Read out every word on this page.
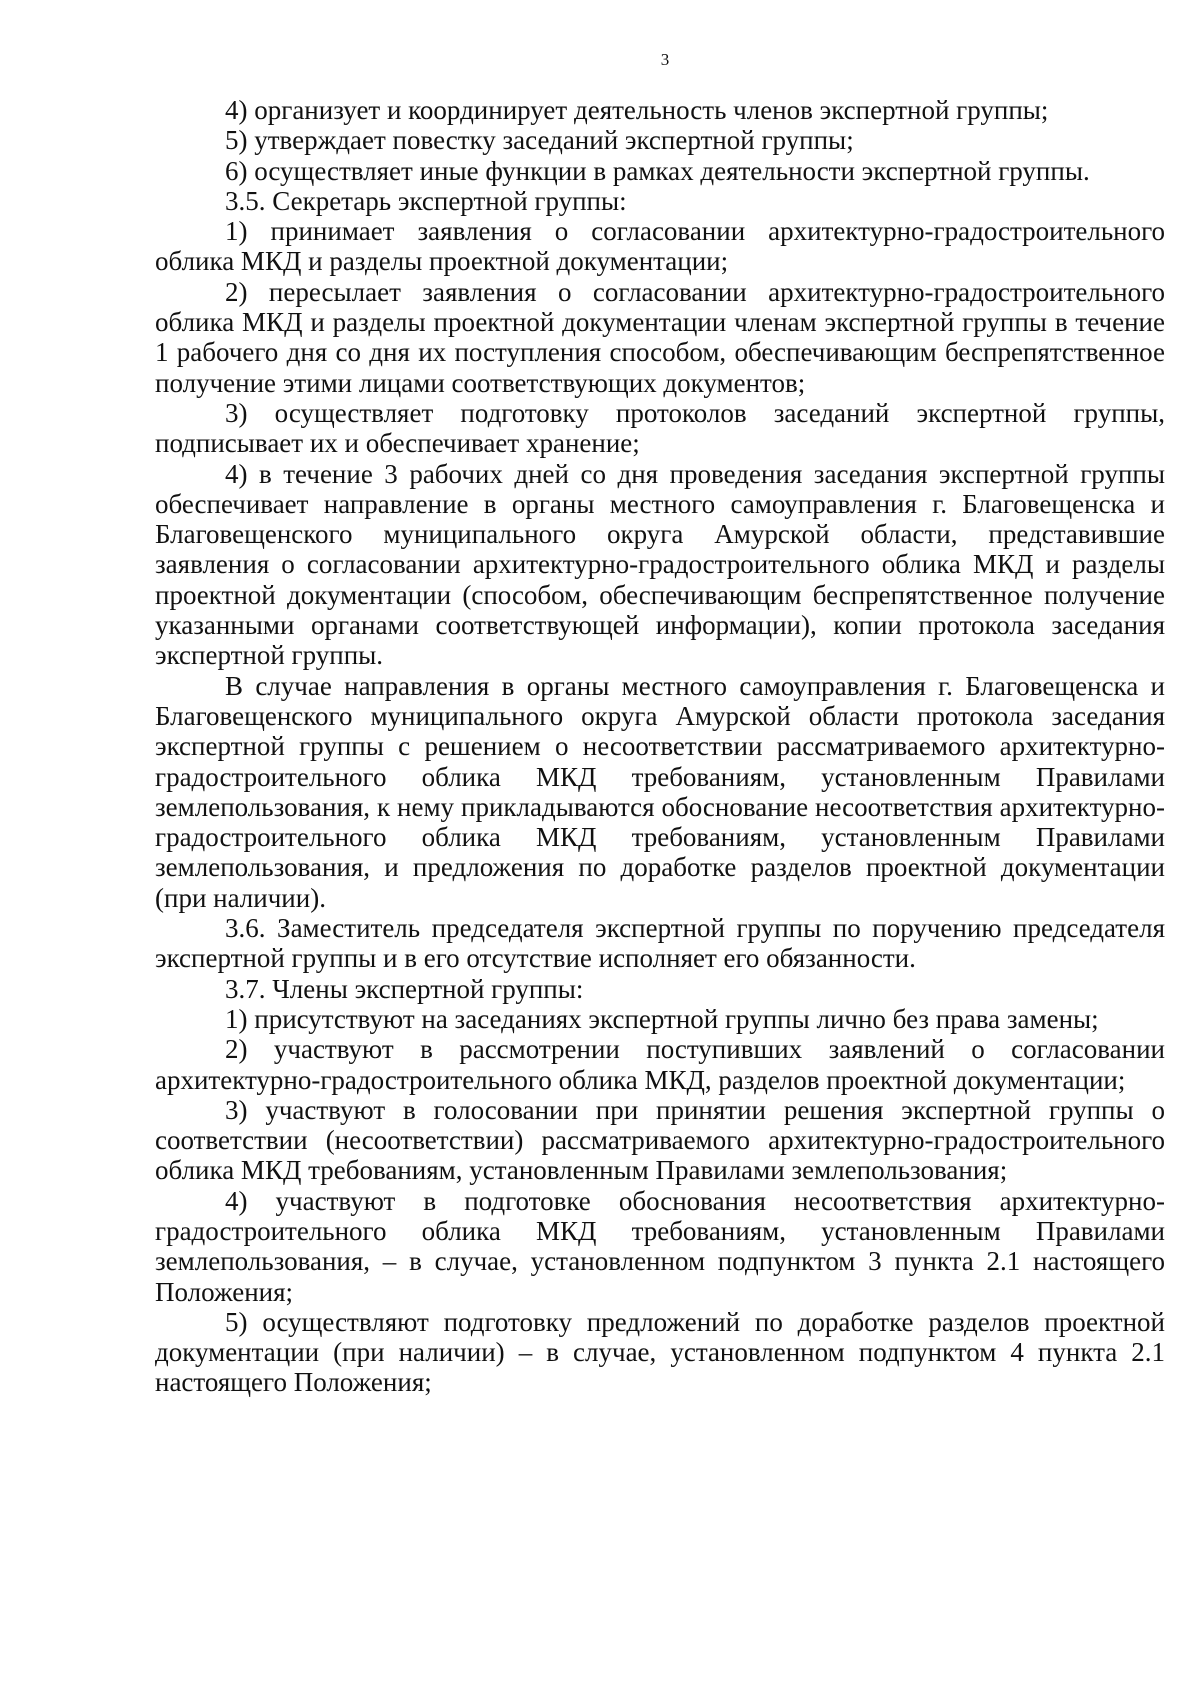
3

4) организует и координирует деятельность членов экспертной группы;

5) утверждает повестку заседаний экспертной группы;

6) осуществляет иные функции в рамках деятельности экспертной группы.

3.5. Секретарь экспертной группы:

1) принимает заявления о согласовании архитектурно-градостроительного облика МКД и разделы проектной документации;

2) пересылает заявления о согласовании архитектурно-градостроительного облика МКД и разделы проектной документации членам экспертной группы в течение 1 рабочего дня со дня их поступления способом, обеспечивающим беспрепятственное получение этими лицами соответствующих документов;

3) осуществляет подготовку протоколов заседаний экспертной группы, подписывает их и обеспечивает хранение;

4) в течение 3 рабочих дней со дня проведения заседания экспертной группы обеспечивает направление в органы местного самоуправления г. Благовещенска и Благовещенского муниципального округа Амурской области, представившие заявления о согласовании архитектурно-градостроительного облика МКД и разделы проектной документации (способом, обеспечивающим беспрепятственное получение указанными органами соответствующей информации), копии протокола заседания экспертной группы.

В случае направления в органы местного самоуправления г. Благовещенска и Благовещенского муниципального округа Амурской области протокола заседания экспертной группы с решением о несоответствии рассматриваемого архитектурно-градостроительного облика МКД требованиям, установленным Правилами землепользования, к нему прикладываются обоснование несоответствия архитектурно-градостроительного облика МКД требованиям, установленным Правилами землепользования, и предложения по доработке разделов проектной документации (при наличии).

3.6. Заместитель председателя экспертной группы по поручению председателя экспертной группы и в его отсутствие исполняет его обязанности.

3.7. Члены экспертной группы:

1) присутствуют на заседаниях экспертной группы лично без права замены;

2) участвуют в рассмотрении поступивших заявлений о согласовании архитектурно-градостроительного облика МКД, разделов проектной документации;

3) участвуют в голосовании при принятии решения экспертной группы о соответствии (несоответствии) рассматриваемого архитектурно-градостроительного облика МКД требованиям, установленным Правилами землепользования;

4) участвуют в подготовке обоснования несоответствия архитектурно-градостроительного облика МКД требованиям, установленным Правилами землепользования, – в случае, установленном подпунктом 3 пункта 2.1 настоящего Положения;

5) осуществляют подготовку предложений по доработке разделов проектной документации (при наличии) – в случае, установленном подпунктом 4 пункта 2.1 настоящего Положения;
